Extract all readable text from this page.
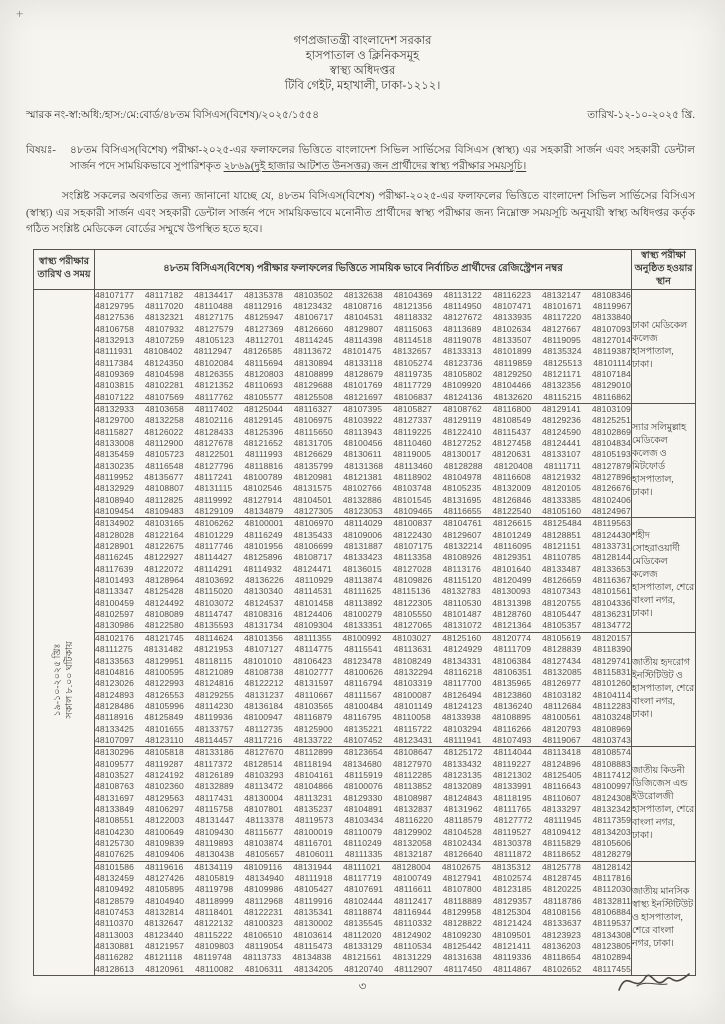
+
গণপ্রজাতন্ত্রী বাংলাদেশ সরকার
হাসপাতাল ও ক্লিনিকসমূহ
স্বাস্থ্য অধিদপ্তর
টিবি গেইট, মহাখালী, ঢাকা-১২১২।
স্মারক নং-স্বা:অধি:/হাস:/মে:বোর্ড/৪৮তম বিসিএস(বিশেষ)/২০২৫/১৫৫৪	তারিখ-১২-১০-২০২৫ খ্রি.
বিষয়ঃ-	৪৮তম বিসিএস(বিশেষ) পরীক্ষা-২০২৫-এর ফলাফলের ভিত্তিতে বাংলাদেশ সিভিল সার্ভিসের বিসিএস (স্বাস্থ্য) এর সহকারী সার্জন এবং সহকারী ডেন্টাল সার্জন পদে সাময়িকভাবে সুপারিশকৃত ২৮৬৯(দুই হাজার আটশত উনসত্তর) জন প্রার্থীদের স্বাস্থ্য পরীক্ষার সময়সূচি।
সংশ্লিষ্ট সকলের অবগতির জন্য জানানো যাচ্ছে যে, ৪৮তম বিসিএস(বিশেষ) পরীক্ষা-২০২৫-এর ফলাফলের ভিত্তিতে বাংলাদেশ সিভিল সার্ভিসের বিসিএস (স্বাস্থ্য) এর সহকারী সার্জন এবং সহকারী ডেন্টাল সার্জন পদে সাময়িকভাবে মনোনীত প্রার্থীদের স্বাস্থ্য পরীক্ষার জন্য নিম্নোক্ত সময়সূচি অনুযায়ী স্বাস্থ্য অধিদপ্তর কর্তৃক গঠিত সংশ্লিষ্ট মেডিকেল বোর্ডের সম্মুখে উপস্থিত হতে হবে।
স্বাস্থ্য পরীক্ষার তারিখ ও সময়	৪৮তম বিসিএস(বিশেষ) পরীক্ষার ফলাফলের ভিত্তিতে সাময়িক ভাবে নির্বাচিত প্রার্থীদের রেজিস্ট্রেশন নম্বর	স্বাস্থ্য পরীক্ষা অনুষ্ঠিত হওয়ার স্থান

১৯-১০-২০২৫ খ্রিঃ সকাল ৮.০০ ঘটিকায়

48107177 48117182 48134417 48135378 48103502 48132638 48104369 48113122 48116223 48132147 48108346
48129795 48117020 48110488 48112916 48123432 48108716 48121356 48114950 48107471 48101671 48119967
48127536 48132321 48127175 48125947 48106717 48104531 48118332 48127672 48133935 48117220 48133840
48106758 48107932 48127579 48127369 48126660 48129807 48115063 48113689 48102634 48127667 48107093
48132913 48107259 48105123 48112701 48114245 48114398 48114518 48119078 48133507 48119095 48127014
48111931 48108402 48112947 48126585 48113672 48101475 48132657 48133313 48101899 48135324 48119387
48117384 48124350 48102084 48115694 48130894 48133118 48105274 48123736 48119859 48125513 48101114
48109369 48104598 48126355 48120803 48108899 48128679 48119735 48105802 48129250 48121171 48107184
48103815 48102281 48121352 48110693 48129688 48101769 48117729 48109920 48104466 48132356 48129010
48107122 48107569 48117762 48105577 48125508 48121697 48106837 48124136 48132620 48115215 48116862
	ঢাকা মেডিকেল কলেজ হাসপাতাল, ঢাকা।

48132933 48103658 48117402 48125044 48116327 48107395 48105827 48108762 48116800 48129141 48103109
48129700 48132258 48102116 48129145 48106975 48103922 48127337 48129119 48108549 48129236 48125251
48115827 48126022 48128433 48125396 48115650 48113943 48119225 48122410 48115437 48124590 48102869
48133008 48112900 48127678 48121652 48131705 48100456 48110460 48127252 48127458 48124441 48104834
48135459 48105723 48122501 48111993 48126629 48130611 48119005 48130017 48120631 48133107 48105193
48130235 48116548 48127796 48118816 48135799 48131368 48113460 48128288 48120408 48111711 48127879
48119952 48135677 48117241 48100789 48120981 48121381 48118902 48104978 48116608 48121932 48127896
48132929 48108807 48131115 48102546 48131575 48102766 48103748 48105235 48132009 48120105 48126676
48108940 48112825 48119992 48127914 48104501 48132886 48101545 48131695 48126846 48133385 48102406
48109454 48109483 48129109 48134879 48127305 48123053 48109465 48116655 48122540 48105160 48124967
	স্যার সলিমুল্লাহ মেডিকেল কলেজ ও মিটফোর্ড হাসপাতাল, ঢাকা।

48134902 48103165 48106262 48100001 48106970 48114029 48100837 48104761 48126615 48125484 48119563
48128028 48122164 48101229 48116249 48135433 48109006 48122430 48129607 48101249 48128851 48124430
48128901 48122675 48117746 48101956 48106699 48131887 48107175 48132214 48116095 48121151 48133731
48116245 48122927 48114427 48125896 48108717 48133423 48113358 48108926 48129351 48110785 48128144
48117639 48122072 48114291 48114932 48124471 48136015 48127028 48113176 48101640 48133487 48133653
48101493 48128964 48103692 48136226 48110929 48113874 48109826 48115120 48120499 48126659 48116367
48113347 48125428 48115020 48130340 48114531 48111625 48115136 48132783 48130093 48107343 48101561
48100459 48124492 48103072 48124537 48101458 48113892 48122305 48110530 48131398 48120755 48104336
48102597 48108089 48114747 48108316 48124406 48100279 48105550 48101487 48128760 48105447 48136231
48130986 48122580 48135593 48131734 48109304 48133351 48127065 48131072 48121364 48105357 48134772
	শহীদ সোহরাওয়ার্দী মেডিকেল কলেজ হাসপাতাল, শেরে বাংলা নগর, ঢাকা।

48102176 48121745 48114624 48101356 48111355 48100992 48103027 48125160 48120774 48105619 48120157
48111275 48131482 48121953 48107127 48114775 48115541 48113631 48124929 48111709 48128839 48118390
48133563 48129951 48118115 48101010 48106423 48123478 48108249 48134331 48106384 48127434 48129741
48104816 48100595 48121089 48108738 48102777 48100626 48132294 48116218 48106351 48132085 48115831
48123026 48122993 48124816 48122212 48131597 48116794 48103319 48117700 48135965 48126977 48101260
48124893 48126553 48129255 48131237 48110667 48111567 48100087 48126494 48123860 48103182 48104114
48128486 48105996 48114230 48136184 48103565 48100484 48101149 48124123 48136240 48112684 48112283
48118916 48125849 48119936 48100947 48116879 48116795 48110058 48133938 48108895 48100561 48103248
48133425 48101655 48133757 48112735 48125900 48135221 48115722 48103294 48116266 48120793 48108969
48107097 48123110 48114457 48117216 48133722 48107452 48123431 48111941 48107493 48119067 48103743
	জাতীয় হৃদরোগ ইনস্টিটিউট ও হাসপাতাল, শেরে বাংলা নগর, ঢাকা।

48130296 48105818 48133186 48127670 48112899 48123654 48108647 48125172 48114044 48113418 48108574
48109577 48119287 48117372 48128514 48118194 48134680 48127970 48133432 48119227 48124896 48108883
48103527 48124192 48126189 48103293 48104161 48115919 48112285 48123135 48121302 48125405 48117412
48108763 48102360 48132889 48113472 48104866 48100076 48113852 48132089 48133991 48116643 48100997
48131697 48129563 48117431 48130004 48113231 48129330 48108987 48124843 48118195 48110607 48124308
48133849 48106297 48115758 48107801 48135237 48104891 48132837 48131962 48111765 48133297 48132342
48108551 48122003 48131447 48113378 48119573 48103434 48116220 48118579 48127772 48111945 48117359
48104230 48100649 48109430 48115677 48100019 48110079 48129902 48104528 48119527 48109412 48134203
48125730 48109839 48119893 48103874 48116701 48110249 48132058 48102434 48130378 48115829 48105606
48107625 48109406 48130438 48105657 48106011 48111335 48132187 48126640 48111872 48118652 48128279
	জাতীয় কিডনী ডিজিজেস এন্ড ইউরোলজী হাসপাতাল, শেরে বাংলা নগর, ঢাকা।

48101586 48119616 48134119 48109116 48131944 48111021 48128004 48102675 48135312 48125778 48128142
48132459 48127426 48105819 48134940 48111918 48117719 48100749 48127941 48102574 48128745 48117816
48109492 48105895 48119798 48109986 48105427 48107691 48116611 48107800 48123185 48120225 48112030
48128579 48104940 48118999 48112968 48119916 48102444 48112417 48118889 48129357 48118786 48132811
48107453 48132814 48118401 48122231 48135341 48118874 48116944 48129958 48125304 48108156 48106884
48110370 48132647 48122132 48100323 48130002 48135545 48110332 48128822 48121424 48133637 48119537
48113003 48123440 48115222 48106510 48103614 48112020 48124902 48109230 48109501 48123923 48134308
48130881 48121957 48109803 48119054 48115473 48133129 48110534 48125442 48121411 48136203 48123805
48116282 48121118 48119748 48113733 48134838 48121561 48131229 48131638 48119336 48118654 48102894
48128613 48120961 48110082 48106311 48134205 48120740 48112907 48117450 48114867 48102652 48117455
	জাতীয় মানসিক স্বাস্থ্য ইনস্টিটিউট ও হাসপাতাল, শেরে বাংলা নগর, ঢাকা।
৩
